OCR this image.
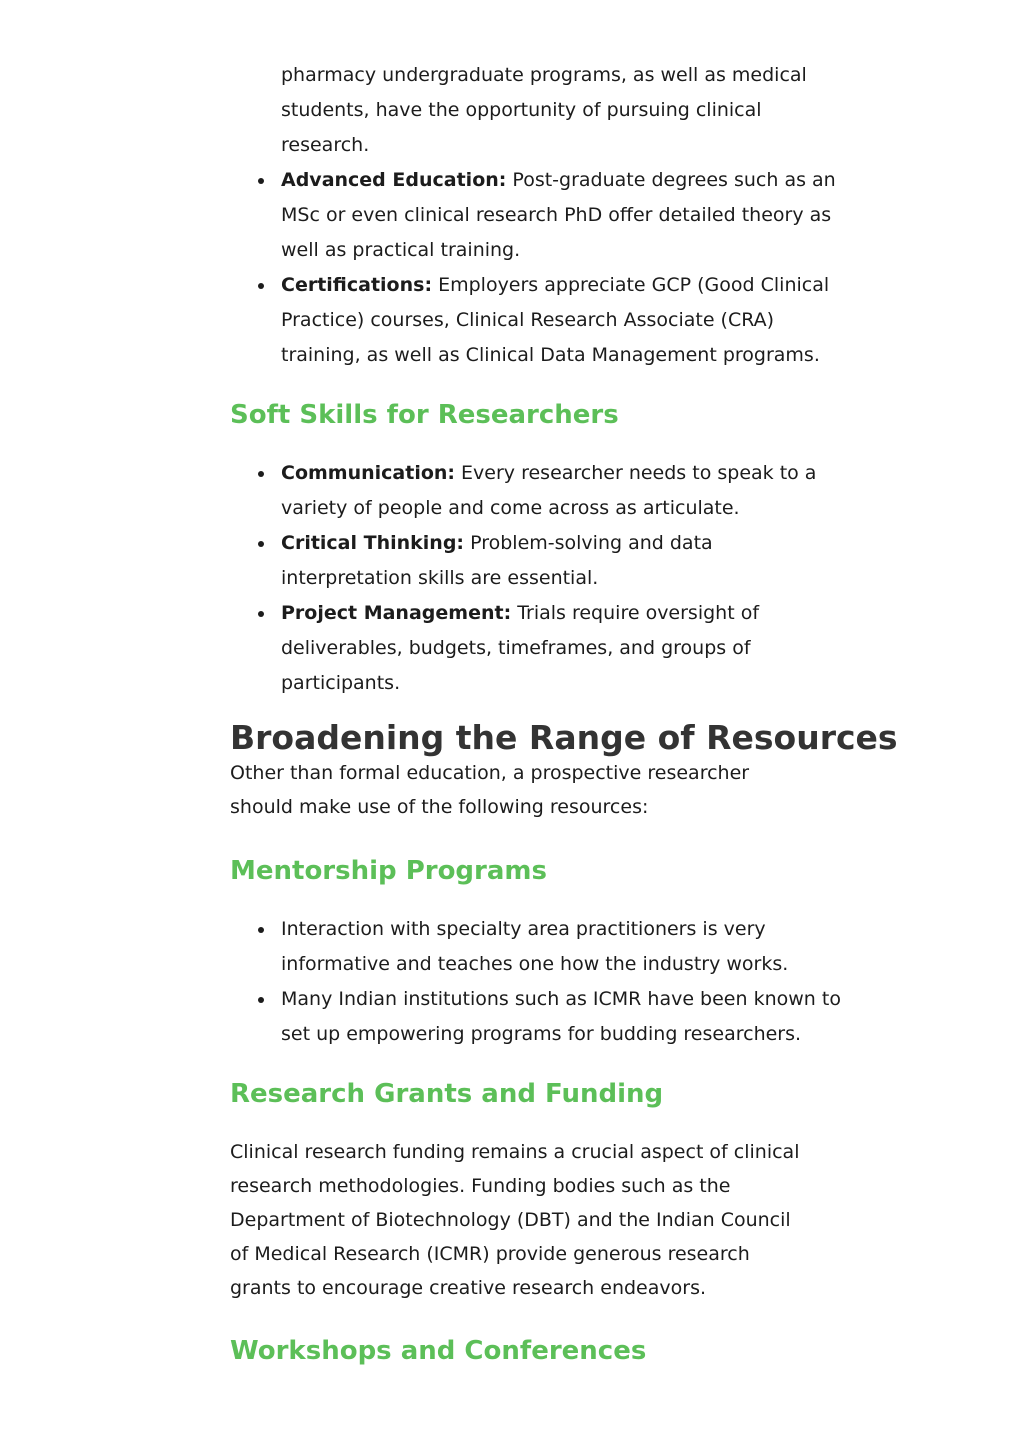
pharmacy undergraduate programs, as well as medical students, have the opportunity of pursuing clinical research.
Advanced Education: Post-graduate degrees such as an MSc or even clinical research PhD offer detailed theory as well as practical training.
Certifications: Employers appreciate GCP (Good Clinical Practice) courses, Clinical Research Associate (CRA) training, as well as Clinical Data Management programs.
Soft Skills for Researchers
Communication: Every researcher needs to speak to a variety of people and come across as articulate.
Critical Thinking: Problem-solving and data interpretation skills are essential.
Project Management: Trials require oversight of deliverables, budgets, timeframes, and groups of participants.
Broadening the Range of Resources

Other than formal education, a prospective researcher should make use of the following resources:

Mentorship Programs
Interaction with specialty area practitioners is very informative and teaches one how the industry works.
Many Indian institutions such as ICMR have been known to set up empowering programs for budding researchers.
Research Grants and Funding

Clinical research funding remains a crucial aspect of clinical research methodologies. Funding bodies such as the Department of Biotechnology (DBT) and the Indian Council of Medical Research (ICMR) provide generous research grants to encourage creative research endeavors.

Workshops and Conferences
